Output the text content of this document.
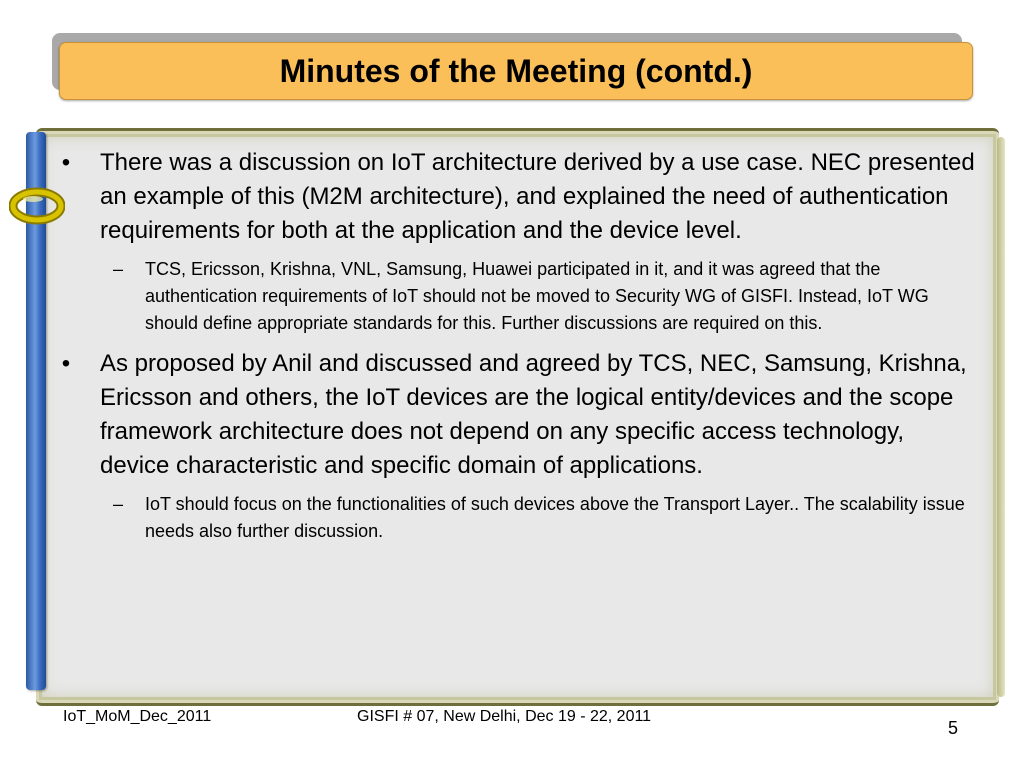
Minutes of the Meeting (contd.)
• There was a discussion on IoT architecture derived by a use case. NEC presented an example of this (M2M architecture), and explained the need of authentication requirements for both at the application and the device level.
– TCS, Ericsson, Krishna, VNL, Samsung, Huawei participated in it, and it was agreed that the authentication requirements of IoT should not be moved to Security WG of GISFI. Instead, IoT WG should define appropriate standards for this. Further discussions are required on this.
• As proposed by Anil and discussed and agreed by TCS, NEC, Samsung, Krishna, Ericsson and others, the IoT devices are the logical entity/devices and the scope framework architecture does not depend on any specific access technology, device characteristic and specific domain of applications.
– IoT should focus on the functionalities of such devices above the Transport Layer.. The scalability issue needs also further discussion.
IoT_MoM_Dec_2011	GISFI # 07, New Delhi, Dec 19 - 22, 2011
5
